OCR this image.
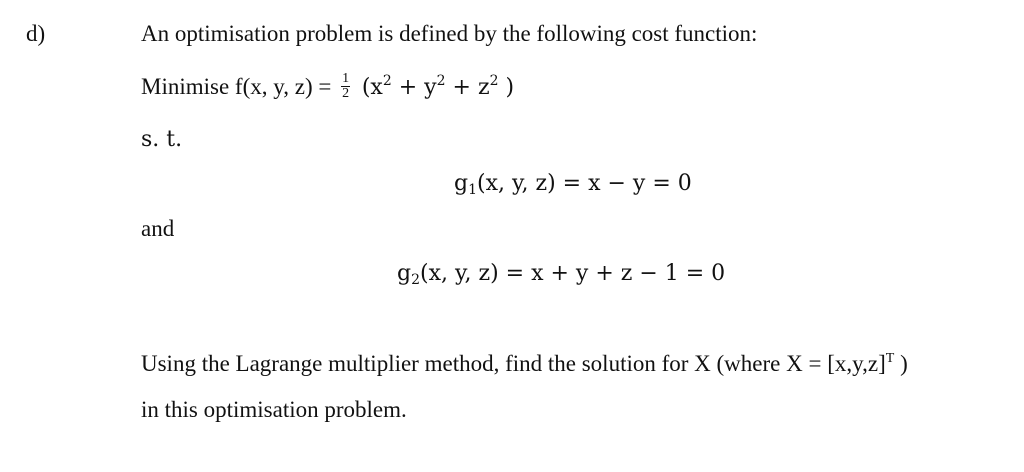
d)	An optimisation problem is defined by the following cost function:
Minimise f(x, y, $z) = \frac{1}{2} (x^2 + y^2 + z^2$ )
s. t.
$g_1(x$, y, z) = x − y = 0
and
$g_2(x$, y, z) = x + y + z − 1 = 0
Using the Lagrange multiplier method, find the solution for X (where $X = [x,y,z]^T$ )
in this optimisation problem.
